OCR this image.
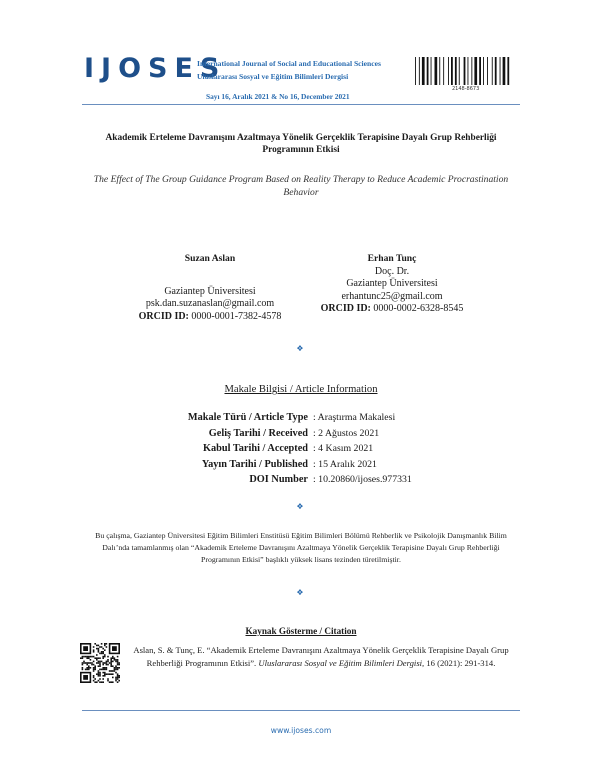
IJOSES
International Journal of Social and Educational Sciences
Uluslararası Sosyal ve Eğitim Bilimleri Dergisi
Sayı 16, Aralık 2021 & No 16, December 2021
2148-8673
Akademik Erteleme Davranışını Azaltmaya Yönelik Gerçeklik Terapisine Dayalı Grup Rehberliği Programının Etkisi
The Effect of The Group Guidance Program Based on Reality Therapy to Reduce Academic Procrastination Behavior
Suzan Aslan
Gaziantep Üniversitesi
psk.dan.suzanaslan@gmail.com
ORCID ID: 0000-0001-7382-4578
Erhan Tunç
Doç. Dr.
Gaziantep Üniversitesi
erhantunc25@gmail.com
ORCID ID: 0000-0002-6328-8545
❖
Makale Bilgisi / Article Information
Makale Türü / Article Type	: Araştırma Makalesi
Geliş Tarihi / Received	: 2 Ağustos 2021
Kabul Tarihi / Accepted	: 4 Kasım 2021
Yayın Tarihi / Published	: 15 Aralık 2021
DOI Number	: 10.20860/ijoses.977331
❖
Bu çalışma, Gaziantep Üniversitesi Eğitim Bilimleri Enstitüsü Eğitim Bilimleri Bölümü Rehberlik ve Psikolojik Danışmanlık Bilim Dalı’nda tamamlanmış olan “Akademik Erteleme Davranışını Azaltmaya Yönelik Gerçeklik Terapisine Dayalı Grup Rehberliği Programının Etkisi” başlıklı yüksek lisans tezinden türetilmiştir.
❖
Kaynak Gösterme / Citation
Aslan, S. & Tunç, E. “Akademik Erteleme Davranışını Azaltmaya Yönelik Gerçeklik Terapisine Dayalı Grup Rehberliği Programının Etkisi”. Uluslararası Sosyal ve Eğitim Bilimleri Dergisi, 16 (2021): 291-314.
www.ijoses.com
